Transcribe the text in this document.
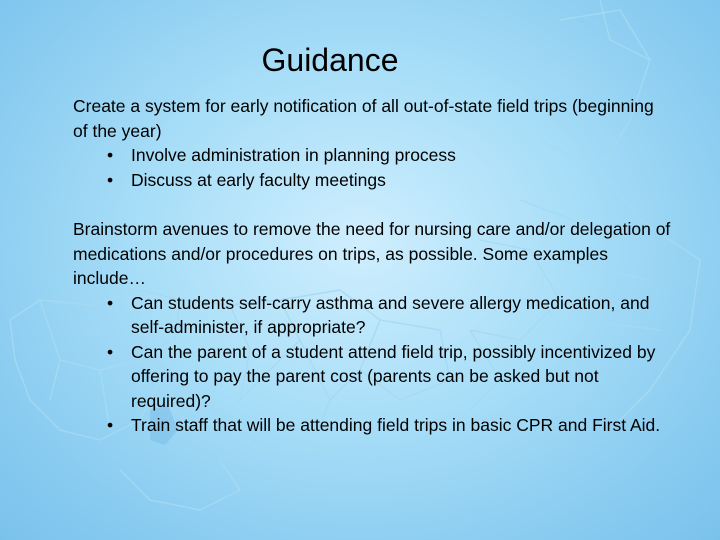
Guidance

Create a system for early notification of all out-of-state field trips (beginning of the year)

• Involve administration in planning process
• Discuss at early faculty meetings

Brainstorm avenues to remove the need for nursing care and/or delegation of medications and/or procedures on trips, as possible. Some examples include…

• Can students self-carry asthma and severe allergy medication, and self-administer, if appropriate?
• Can the parent of a student attend field trip, possibly incentivized by offering to pay the parent cost (parents can be asked but not required)?
• Train staff that will be attending field trips in basic CPR and First Aid.
